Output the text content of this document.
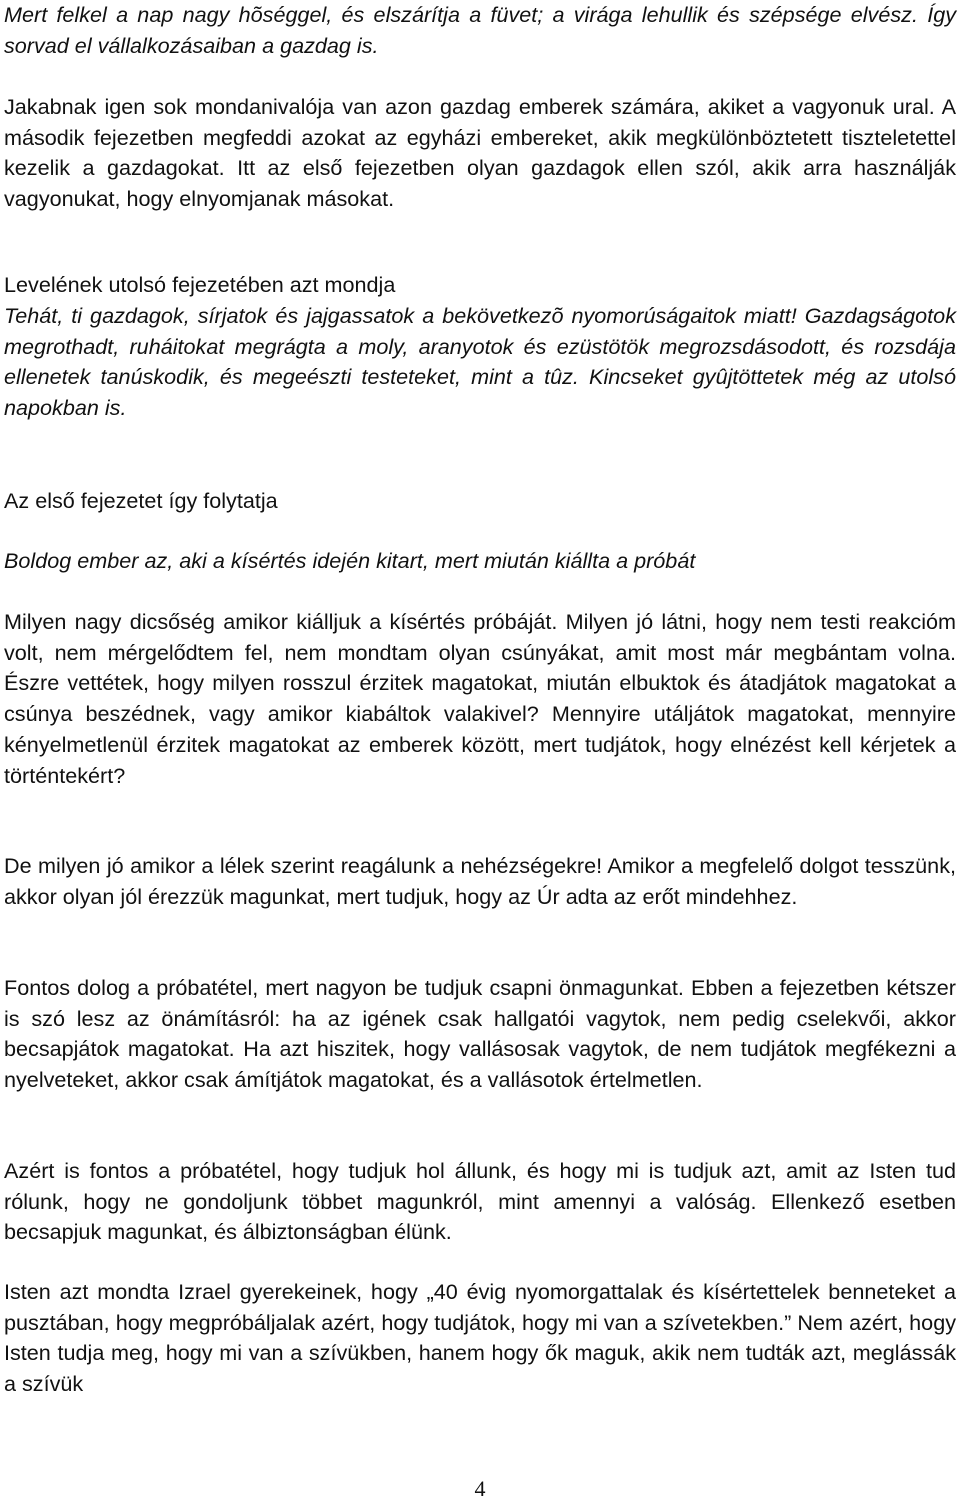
Mert felkel a nap nagy hõséggel, és elszárítja a füvet; a virága lehullik és szépsége elvész. Így sorvad el vállalkozásaiban a gazdag is.

Jakabnak igen sok mondanivalója van azon gazdag emberek számára, akiket a vagyonuk ural. A második fejezetben megfeddi azokat az egyházi embereket, akik megkülönböztetett tiszteletettel kezelik a gazdagokat. Itt az első fejezetben olyan gazdagok ellen szól, akik arra használják vagyonukat, hogy elnyomjanak másokat.

Levelének utolsó fejezetében azt mondja

Tehát, ti gazdagok, sírjatok és jajgassatok a bekövetkezõ nyomorúságaitok miatt! Gazdagságotok megrothadt, ruháitokat megrágta a moly, aranyotok és ezüstötök megrozsdásodott, és rozsdája ellenetek tanúskodik, és megeészti testeteket, mint a tûz. Kincseket gyûjtöttetek még az utolsó napokban is.

Az első fejezetet így folytatja

Boldog ember az, aki a kísértés idején kitart, mert miután kiállta a próbát

Milyen nagy dicsőség amikor kiálljuk a kísértés próbáját. Milyen jó látni, hogy nem testi reakcióm volt, nem mérgelődtem fel, nem mondtam olyan csúnyákat, amit most már megbántam volna. Észre vettétek, hogy milyen rosszul érzitek magatokat, miután elbuktok és átadjátok magatokat a csúnya beszédnek, vagy amikor kiabáltok valakivel? Mennyire utáljátok magatokat, mennyire kényelmetlenül érzitek magatokat az emberek között, mert tudjátok, hogy elnézést kell kérjetek a történtekért?

De milyen jó amikor a lélek szerint reagálunk a nehézségekre! Amikor a megfelelő dolgot tesszünk, akkor olyan jól érezzük magunkat, mert tudjuk, hogy az Úr adta az erőt mindehhez.

Fontos dolog a próbatétel, mert nagyon be tudjuk csapni önmagunkat. Ebben a fejezetben kétszer is szó lesz az önámításról: ha az igének csak hallgatói vagytok, nem pedig cselekvői, akkor becsapjátok magatokat. Ha azt hiszitek, hogy vallásosak vagytok, de nem tudjátok megfékezni a nyelveteket, akkor csak ámítjátok magatokat, és a vallásotok értelmetlen.

Azért is fontos a próbatétel, hogy tudjuk hol állunk, és hogy mi is tudjuk azt, amit az Isten tud rólunk, hogy ne gondoljunk többet magunkról, mint amennyi a valóság. Ellenkező esetben becsapjuk magunkat, és álbiztonságban élünk.

Isten azt mondta Izrael gyerekeinek, hogy „40 évig nyomorgattalak és kísértettelek benneteket a pusztában, hogy megpróbáljalak azért, hogy tudjátok, hogy mi van a szívetekben.” Nem azért, hogy Isten tudja meg, hogy mi van a szívükben, hanem hogy ők maguk, akik nem tudták azt, meglássák a szívük

4
